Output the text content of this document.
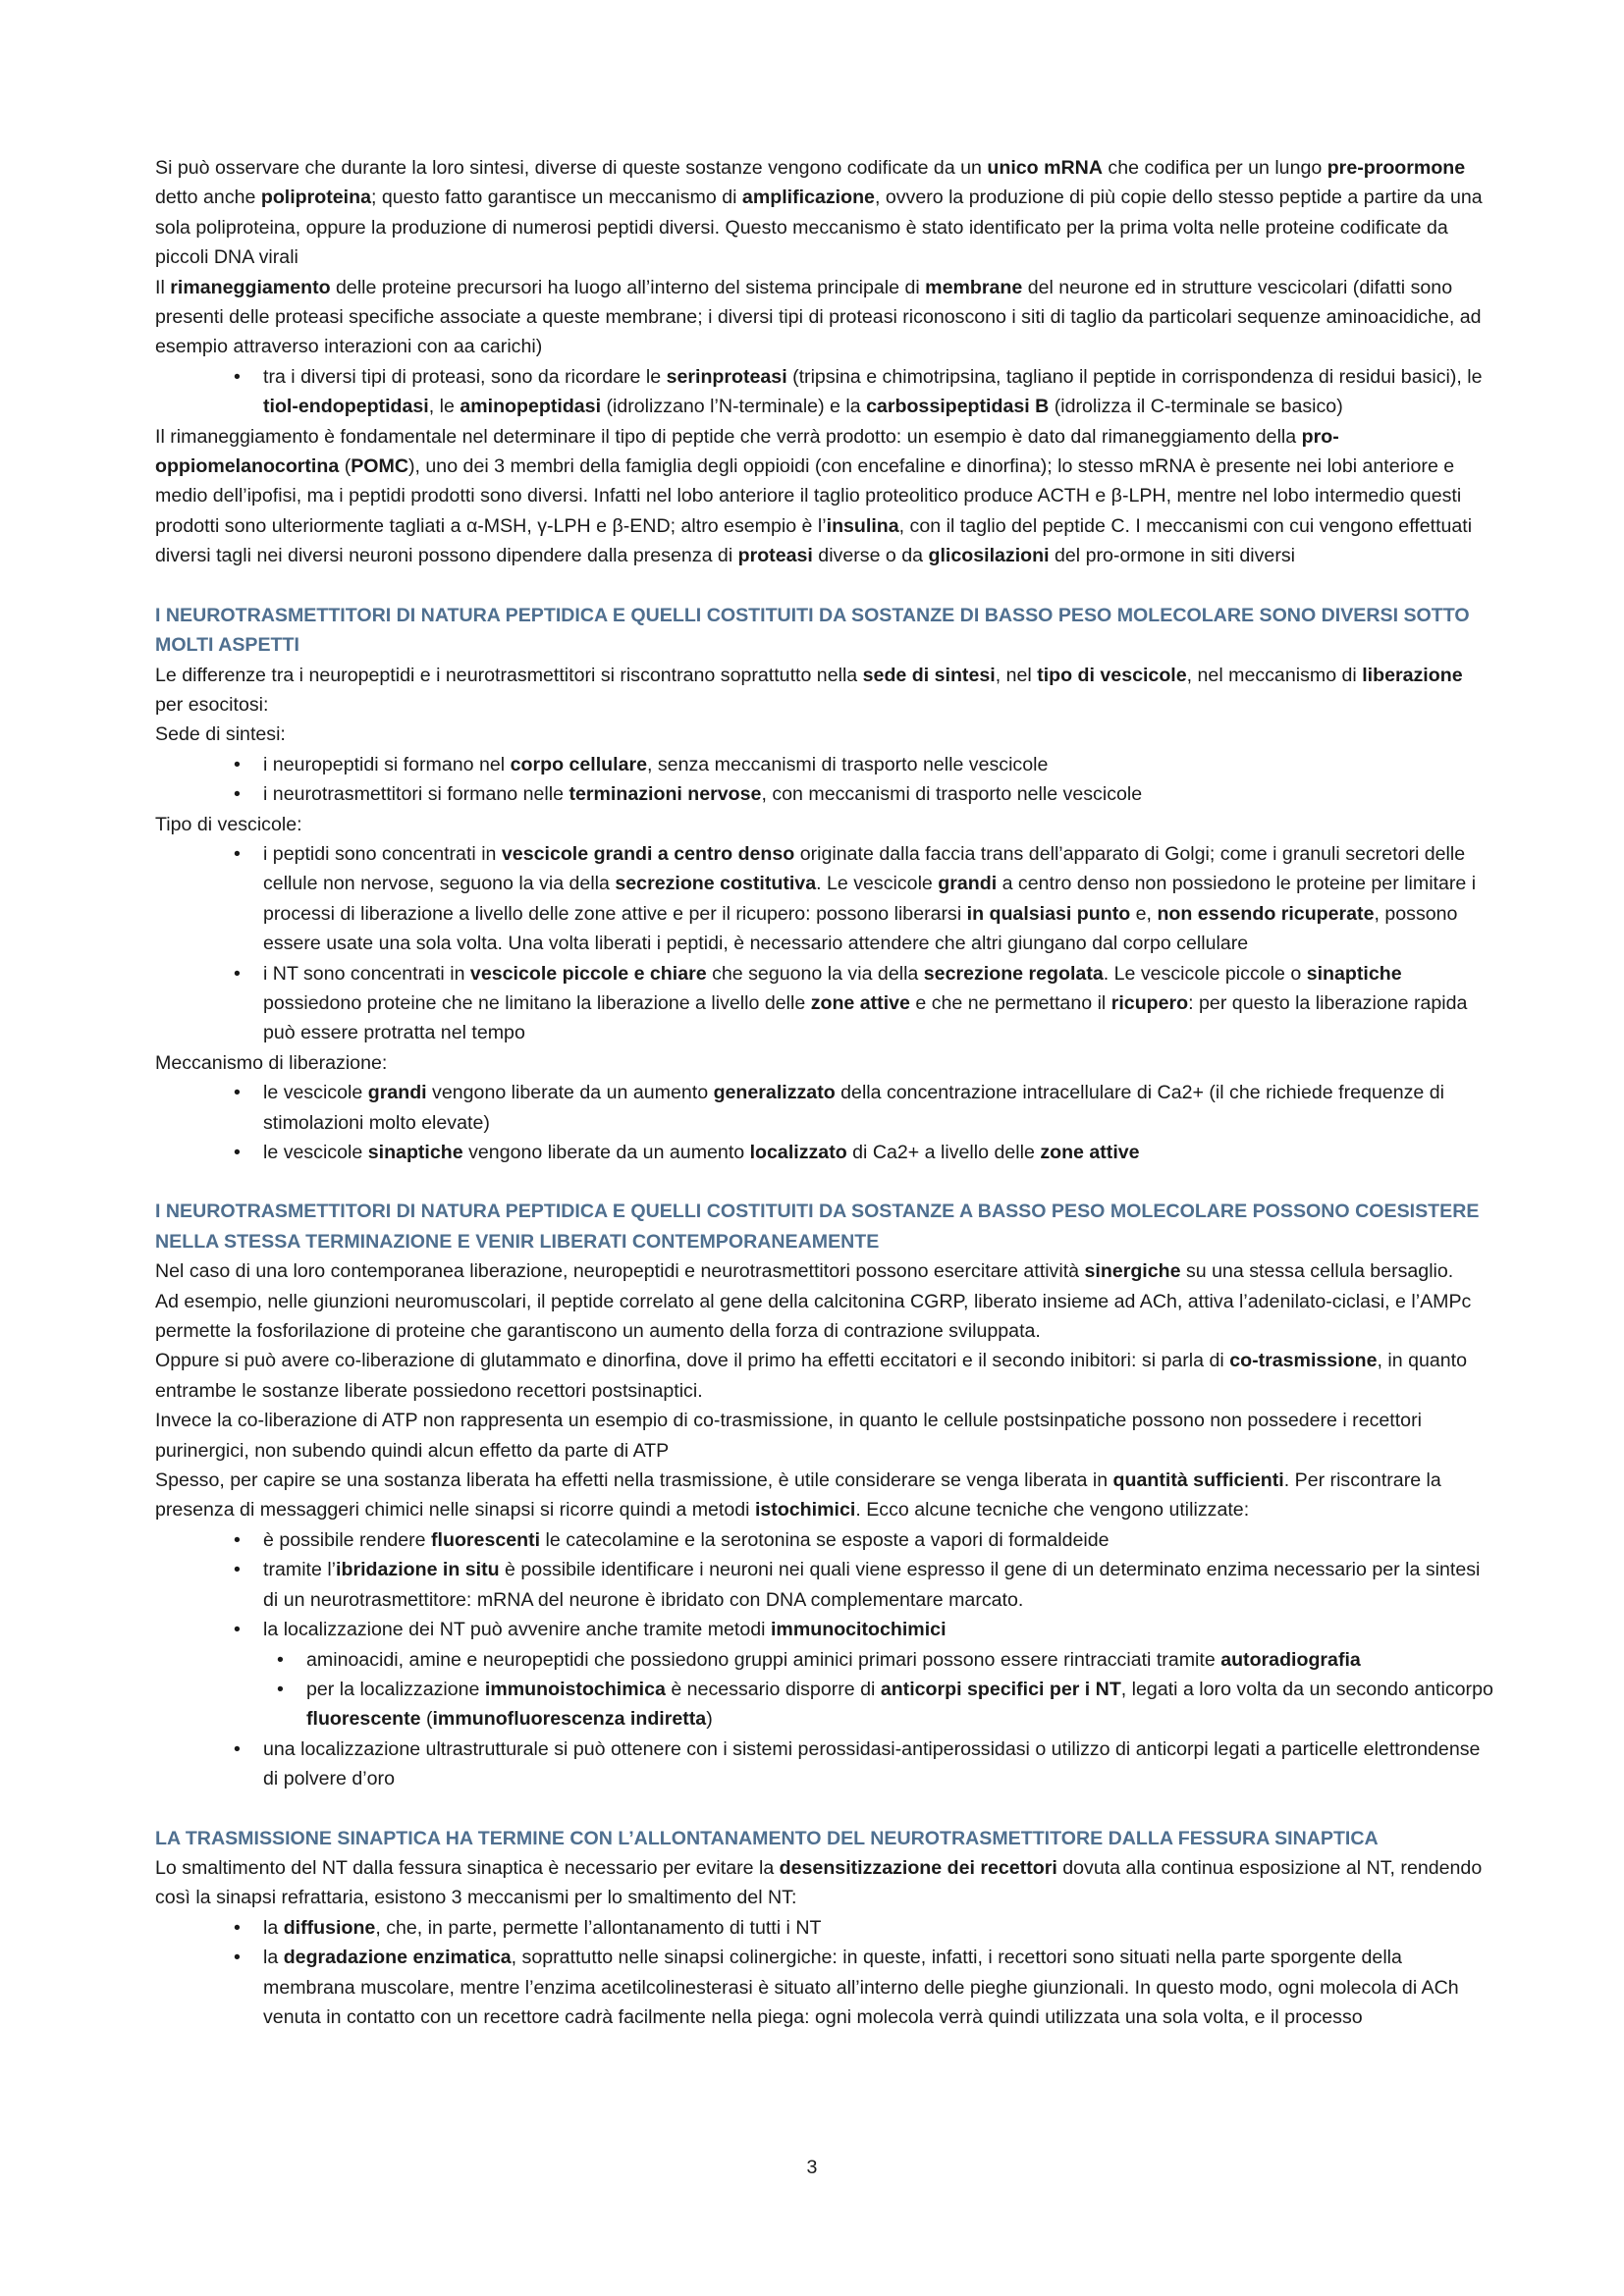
Si può osservare che durante la loro sintesi, diverse di queste sostanze vengono codificate da un unico mRNA che codifica per un lungo pre-proormone detto anche poliproteina; questo fatto garantisce un meccanismo di amplificazione, ovvero la produzione di più copie dello stesso peptide a partire da una sola poliproteina, oppure la produzione di numerosi peptidi diversi. Questo meccanismo è stato identificato per la prima volta nelle proteine codificate da piccoli DNA virali

Il rimaneggiamento delle proteine precursori ha luogo all’interno del sistema principale di membrane del neurone ed in strutture vescicolari (difatti sono presenti delle proteasi specifiche associate a queste membrane; i diversi tipi di proteasi riconoscono i siti di taglio da particolari sequenze aminoacidiche, ad esempio attraverso interazioni con aa carichi)

• tra i diversi tipi di proteasi, sono da ricordare le serinproteasi (tripsina e chimotripsina, tagliano il peptide in corrispondenza di residui basici), le tiol-endopeptidasi, le aminopeptidasi (idrolizzano l’N-terminale) e la carbossipeptidasi B (idrolizza il C-terminale se basico)

Il rimaneggiamento è fondamentale nel determinare il tipo di peptide che verrà prodotto: un esempio è dato dal rimaneggiamento della pro-oppiomelanocortina (POMC), uno dei 3 membri della famiglia degli oppioidi (con encefaline e dinorfina); lo stesso mRNA è presente nei lobi anteriore e medio dell’ipofisi, ma i peptidi prodotti sono diversi. Infatti nel lobo anteriore il taglio proteolitico produce ACTH e β-LPH, mentre nel lobo intermedio questi prodotti sono ulteriormente tagliati a α-MSH, γ-LPH e β-END; altro esempio è l’insulina, con il taglio del peptide C. I meccanismi con cui vengono effettuati diversi tagli nei diversi neuroni possono dipendere dalla presenza di proteasi diverse o da glicosilazioni del pro-ormone in siti diversi

I NEUROTRASMETTITORI DI NATURA PEPTIDICA E QUELLI COSTITUITI DA SOSTANZE DI BASSO PESO MOLECOLARE SONO DIVERSI SOTTO MOLTI ASPETTI

Le differenze tra i neuropeptidi e i neurotrasmettitori si riscontrano soprattutto nella sede di sintesi, nel tipo di vescicole, nel meccanismo di liberazione per esocitosi:

Sede di sintesi:

• i neuropeptidi si formano nel corpo cellulare, senza meccanismi di trasporto nelle vescicole
• i neurotrasmettitori si formano nelle terminazioni nervose, con meccanismi di trasporto nelle vescicole

Tipo di vescicole:

• i peptidi sono concentrati in vescicole grandi a centro denso originate dalla faccia trans dell’apparato di Golgi; come i granuli secretori delle cellule non nervose, seguono la via della secrezione costitutiva. Le vescicole grandi a centro denso non possiedono le proteine per limitare i processi di liberazione a livello delle zone attive e per il ricupero: possono liberarsi in qualsiasi punto e, non essendo ricuperate, possono essere usate una sola volta. Una volta liberati i peptidi, è necessario attendere che altri giungano dal corpo cellulare
• i NT sono concentrati in vescicole piccole e chiare che seguono la via della secrezione regolata. Le vescicole piccole o sinaptiche possiedono proteine che ne limitano la liberazione a livello delle zone attive e che ne permettano il ricupero: per questo la liberazione rapida può essere protratta nel tempo

Meccanismo di liberazione:

• le vescicole grandi vengono liberate da un aumento generalizzato della concentrazione intracellulare di Ca2+ (il che richiede frequenze di stimolazioni molto elevate)
• le vescicole sinaptiche vengono liberate da un aumento localizzato di Ca2+ a livello delle zone attive
I NEUROTRASMETTITORI DI NATURA PEPTIDICA E QUELLI COSTITUITI DA SOSTANZE A BASSO PESO MOLECOLARE POSSONO COESISTERE NELLA STESSA TERMINAZIONE E VENIR LIBERATI CONTEMPORANEAMENTE

Nel caso di una loro contemporanea liberazione, neuropeptidi e neurotrasmettitori possono esercitare attività sinergiche su una stessa cellula bersaglio.

Ad esempio, nelle giunzioni neuromuscolari, il peptide correlato al gene della calcitonina CGRP, liberato insieme ad ACh, attiva l’adenilato-ciclasi, e l’AMPc permette la fosforilazione di proteine che garantiscono un aumento della forza di contrazione sviluppata.

Oppure si può avere co-liberazione di glutammato e dinorfina, dove il primo ha effetti eccitatori e il secondo inibitori: si parla di co-trasmissione, in quanto entrambe le sostanze liberate possiedono recettori postsinaptici.

Invece la co-liberazione di ATP non rappresenta un esempio di co-trasmissione, in quanto le cellule postsinpatiche possono non possedere i recettori purinergici, non subendo quindi alcun effetto da parte di ATP

Spesso, per capire se una sostanza liberata ha effetti nella trasmissione, è utile considerare se venga liberata in quantità sufficienti. Per riscontrare la presenza di messaggeri chimici nelle sinapsi si ricorre quindi a metodi istochimici. Ecco alcune tecniche che vengono utilizzate:

• è possibile rendere fluorescenti le catecolamine e la serotonina se esposte a vapori di formaldeide
• tramite l’ibridazione in situ è possibile identificare i neuroni nei quali viene espresso il gene di un determinato enzima necessario per la sintesi di un neurotrasmettitore: mRNA del neurone è ibridato con DNA complementare marcato.
• la localizzazione dei NT può avvenire anche tramite metodi immunocitochimici
• aminoacidi, amine e neuropeptidi che possiedono gruppi aminici primari possono essere rintracciati tramite autoradiografia
• per la localizzazione immunoistochimica è necessario disporre di anticorpi specifici per i NT, legati a loro volta da un secondo anticorpo fluorescente (immunofluorescenza indiretta)
• una localizzazione ultrastrutturale si può ottenere con i sistemi perossidasi-antiperossidasi o utilizzo di anticorpi legati a particelle elettrondense di polvere d’oro
LA TRASMISSIONE SINAPTICA HA TERMINE CON L’ALLONTANAMENTO DEL NEUROTRASMETTITORE DALLA FESSURA SINAPTICA

Lo smaltimento del NT dalla fessura sinaptica è necessario per evitare la desensitizzazione dei recettori dovuta alla continua esposizione al NT, rendendo così la sinapsi refrattaria, esistono 3 meccanismi per lo smaltimento del NT:

• la diffusione, che, in parte, permette l’allontanamento di tutti i NT
• la degradazione enzimatica, soprattutto nelle sinapsi colinergiche: in queste, infatti, i recettori sono situati nella parte sporgente della membrana muscolare, mentre l’enzima acetilcolinesterasi è situato all’interno delle pieghe giunzionali. In questo modo, ogni molecola di ACh venuta in contatto con un recettore cadrà facilmente nella piega: ogni molecola verrà quindi utilizzata una sola volta, e il processo
3
